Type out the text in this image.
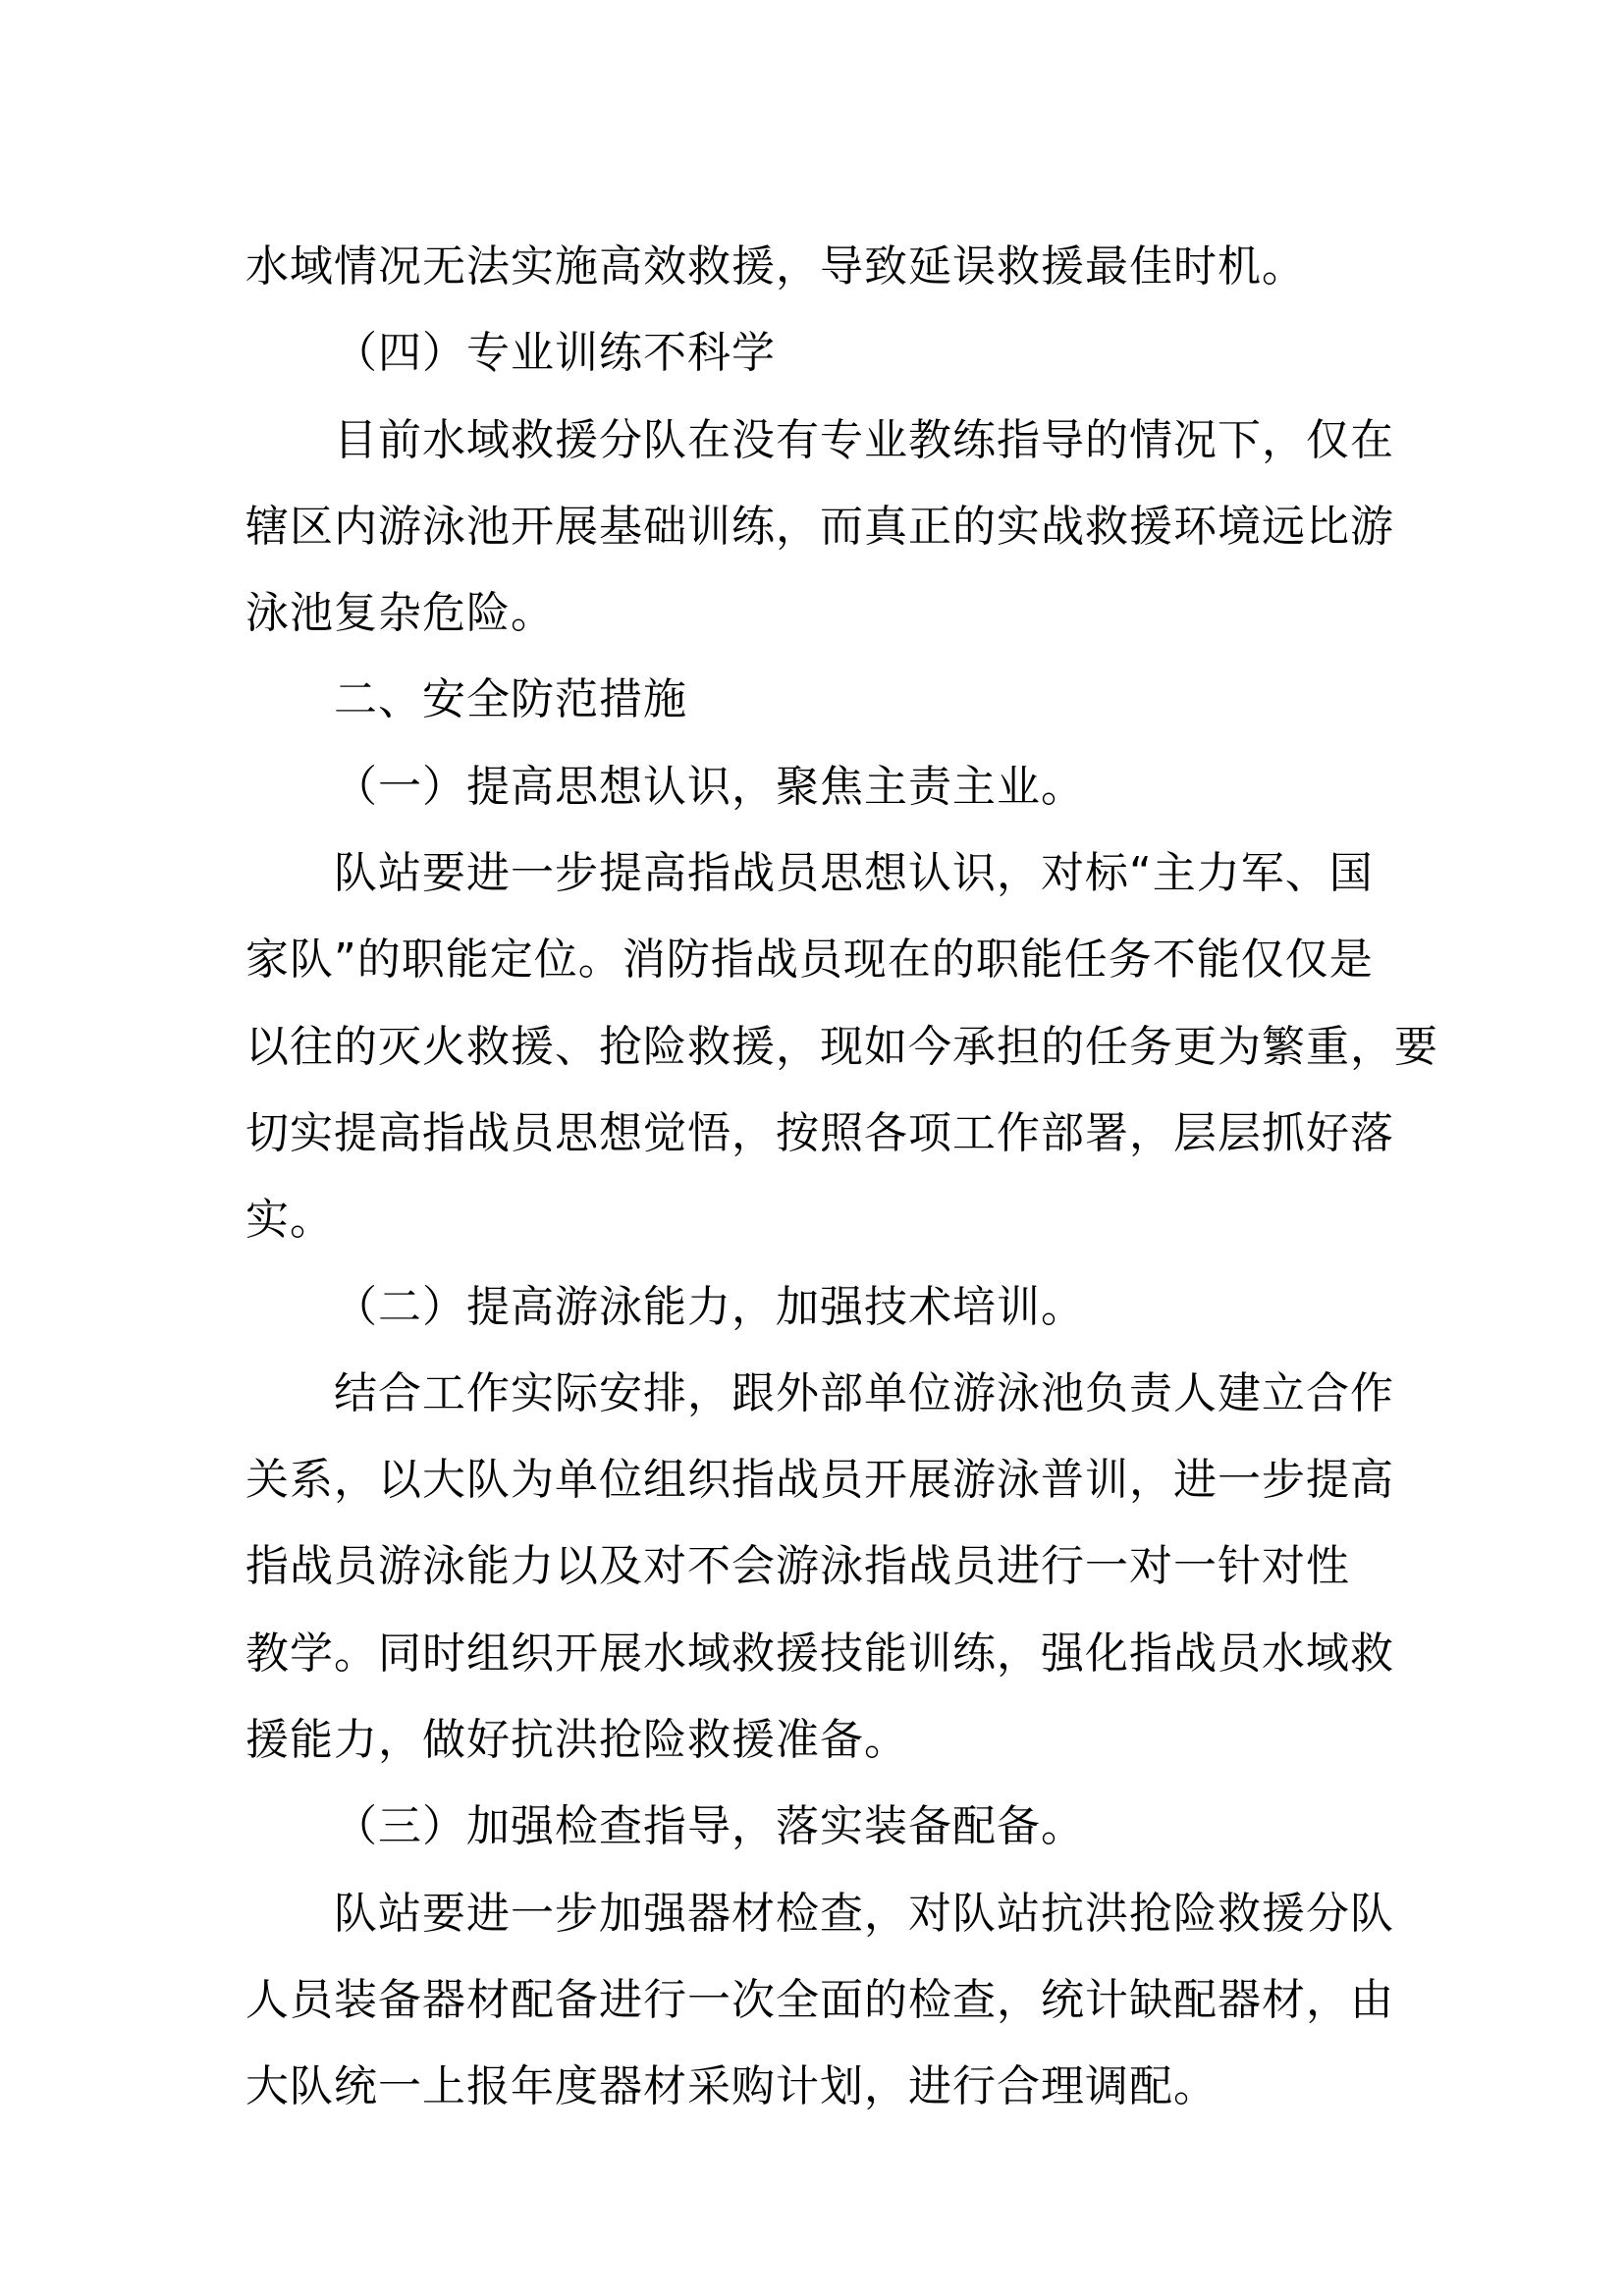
水域情况无法实施高效救援，导致延误救援最佳时机。
（四）专业训练不科学
目前水域救援分队在没有专业教练指导的情况下，仅在
辖区内游泳池开展基础训练，而真正的实战救援环境远比游
泳池复杂危险。
二、安全防范措施
（一）提高思想认识，聚焦主责主业。
队站要进一步提高指战员思想认识，对标“主力军、国
家队”的职能定位。消防指战员现在的职能任务不能仅仅是
以往的灭火救援、抢险救援，现如今承担的任务更为繁重，要
切实提高指战员思想觉悟，按照各项工作部署，层层抓好落
实。
（二）提高游泳能力，加强技术培训。
结合工作实际安排，跟外部单位游泳池负责人建立合作
关系，以大队为单位组织指战员开展游泳普训，进一步提高
指战员游泳能力以及对不会游泳指战员进行一对一针对性
教学。同时组织开展水域救援技能训练，强化指战员水域救
援能力，做好抗洪抢险救援准备。
（三）加强检查指导，落实装备配备。
队站要进一步加强器材检查，对队站抗洪抢险救援分队
人员装备器材配备进行一次全面的检查，统计缺配器材，由
大队统一上报年度器材采购计划，进行合理调配。
